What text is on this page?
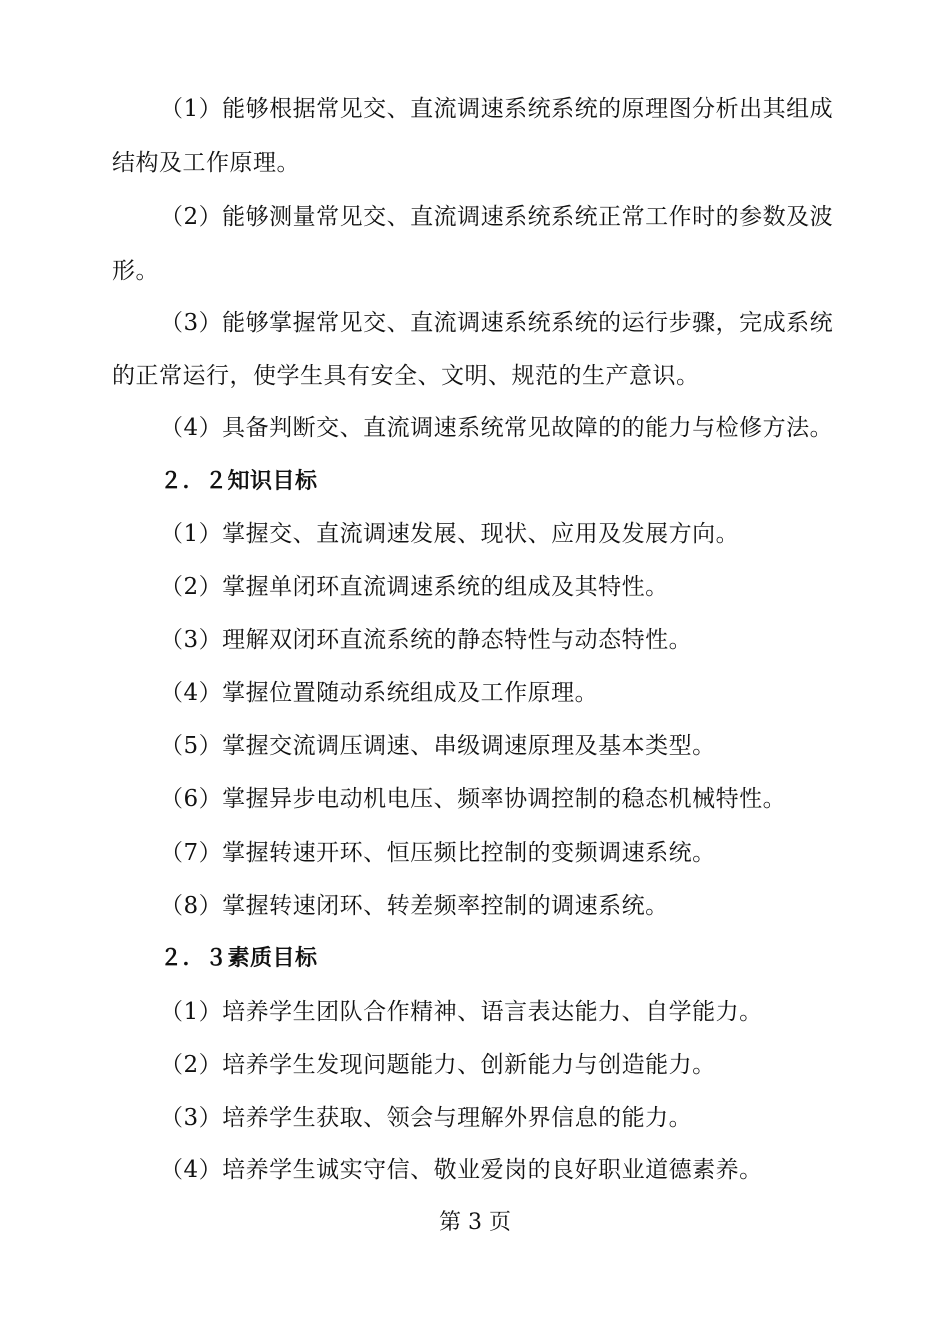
（1）能够根据常见交、直流调速系统系统的原理图分析出其组成
结构及工作原理。
（2）能够测量常见交、直流调速系统系统正常工作时的参数及波
形。
（3）能够掌握常见交、直流调速系统系统的运行步骤，完成系统
的正常运行，使学生具有安全、文明、规范的生产意识。
（4）具备判断交、直流调速系统常见故障的的能力与检修方法。
２．２知识目标
（1）掌握交、直流调速发展、现状、应用及发展方向。
（2）掌握单闭环直流调速系统的组成及其特性。
（3）理解双闭环直流系统的静态特性与动态特性。
（4）掌握位置随动系统组成及工作原理。
（5）掌握交流调压调速、串级调速原理及基本类型。
（6）掌握异步电动机电压、频率协调控制的稳态机械特性。
（7）掌握转速开环、恒压频比控制的变频调速系统。
（8）掌握转速闭环、转差频率控制的调速系统。
２．３素质目标
（1）培养学生团队合作精神、语言表达能力、自学能力。
（2）培养学生发现问题能力、创新能力与创造能力。
（3）培养学生获取、领会与理解外界信息的能力。
（4）培养学生诚实守信、敬业爱岗的良好职业道德素养。
第 3 页
